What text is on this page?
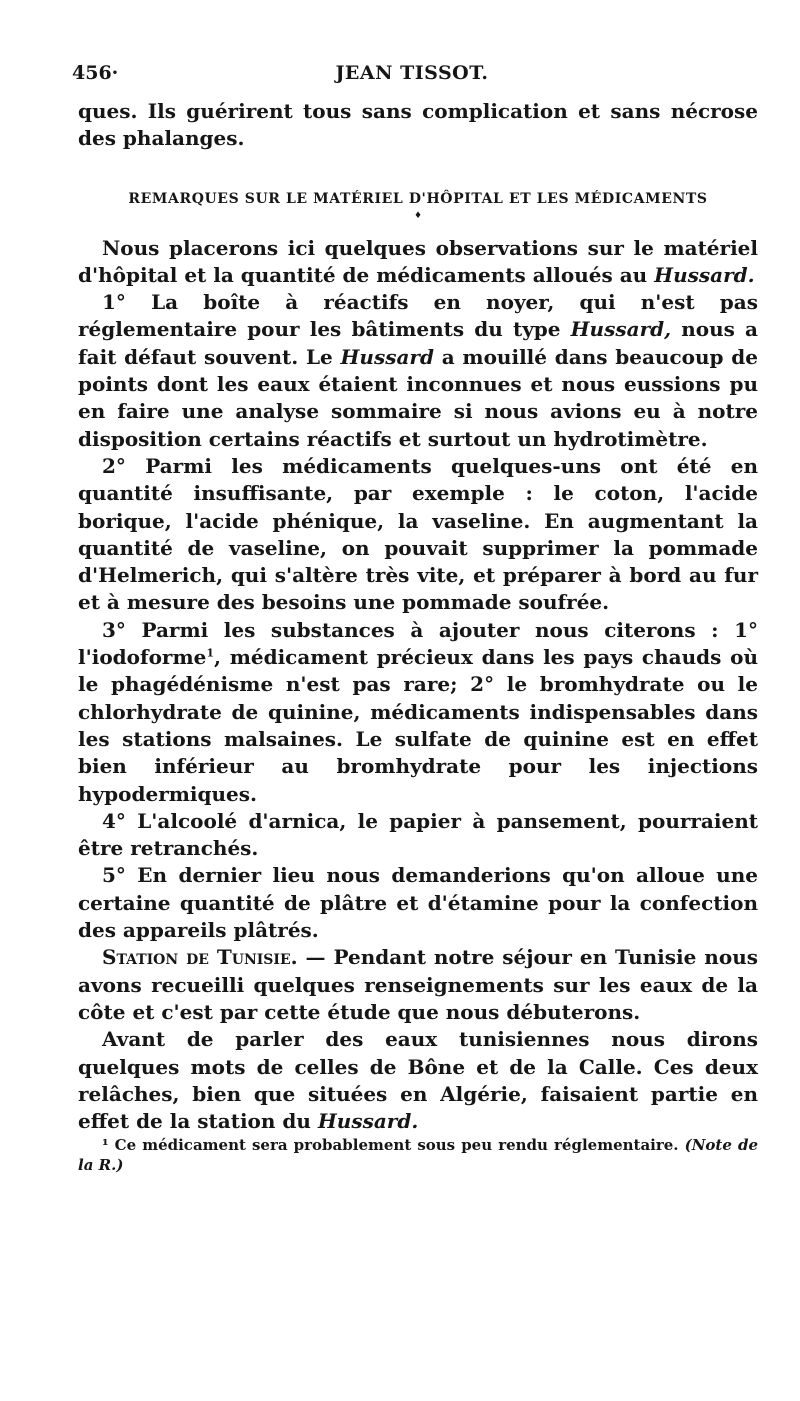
456·	JEAN TISSOT.

ques. Ils guérirent tous sans complication et sans nécrose des phalanges.

REMARQUES SUR LE MATÉRIEL D'HÔPITAL ET LES MÉDICAMENTS
♦

Nous placerons ici quelques observations sur le matériel d'hôpital et la quantité de médicaments alloués au Hussard.

1° La boîte à réactifs en noyer, qui n'est pas réglementaire pour les bâtiments du type Hussard, nous a fait défaut souvent. Le Hussard a mouillé dans beaucoup de points dont les eaux étaient inconnues et nous eussions pu en faire une analyse sommaire si nous avions eu à notre disposition certains réactifs et surtout un hydrotimètre.

2° Parmi les médicaments quelques-uns ont été en quantité insuffisante, par exemple : le coton, l'acide borique, l'acide phénique, la vaseline. En augmentant la quantité de vaseline, on pouvait supprimer la pommade d'Helmerich, qui s'altère très vite, et préparer à bord au fur et à mesure des besoins une pommade soufrée.

3° Parmi les substances à ajouter nous citerons : 1° l'iodoforme$^1$, médicament précieux dans les pays chauds où le phagédénisme n'est pas rare; 2° le bromhydrate ou le chlorhydrate de quinine, médicaments indispensables dans les stations malsaines. Le sulfate de quinine est en effet bien inférieur au bromhydrate pour les injections hypodermiques.

4° L'alcoolé d'arnica, le papier à pansement, pourraient être retranchés.

5° En dernier lieu nous demanderions qu'on alloue une certaine quantité de plâtre et d'étamine pour la confection des appareils plâtrés.

Station de Tunisie. — Pendant notre séjour en Tunisie nous avons recueilli quelques renseignements sur les eaux de la côte et c'est par cette étude que nous débuterons.

Avant de parler des eaux tunisiennes nous dirons quelques mots de celles de Bône et de la Calle. Ces deux relâches, bien que situées en Algérie, faisaient partie en effet de la station du Hussard.

¹ Ce médicament sera probablement sous peu rendu réglementaire. (Note de la R.)
